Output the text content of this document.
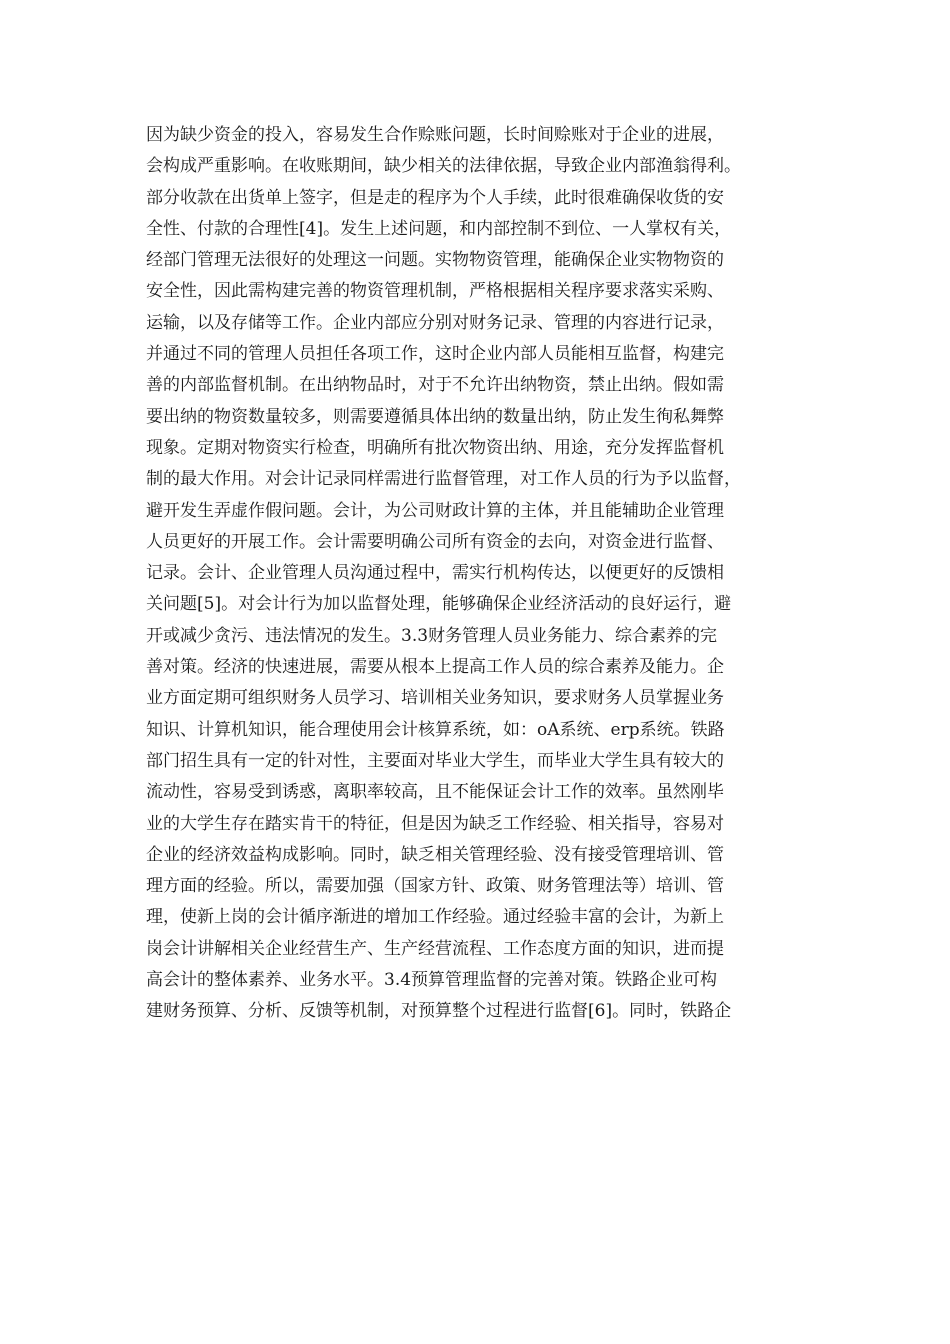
因为缺少资金的投入，容易发生合作赊账问题，长时间赊账对于企业的进展，
会构成严重影响。在收账期间，缺少相关的法律依据，导致企业内部渔翁得利。
部分收款在出货单上签字，但是走的程序为个人手续，此时很难确保收货的安
全性、付款的合理性[4]。发生上述问题，和内部控制不到位、一人掌权有关，
经部门管理无法很好的处理这一问题。实物物资管理，能确保企业实物物资的
安全性，因此需构建完善的物资管理机制，严格根据相关程序要求落实采购、
运输，以及存储等工作。企业内部应分别对财务记录、管理的内容进行记录，
并通过不同的管理人员担任各项工作，这时企业内部人员能相互监督，构建完
善的内部监督机制。在出纳物品时，对于不允许出纳物资，禁止出纳。假如需
要出纳的物资数量较多，则需要遵循具体出纳的数量出纳，防止发生徇私舞弊
现象。定期对物资实行检查，明确所有批次物资出纳、用途，充分发挥监督机
制的最大作用。对会计记录同样需进行监督管理，对工作人员的行为予以监督，
避开发生弄虚作假问题。会计，为公司财政计算的主体，并且能辅助企业管理
人员更好的开展工作。会计需要明确公司所有资金的去向，对资金进行监督、
记录。会计、企业管理人员沟通过程中，需实行机构传达，以便更好的反馈相
关问题[5]。对会计行为加以监督处理，能够确保企业经济活动的良好运行，避
开或减少贪污、违法情况的发生。3.3财务管理人员业务能力、综合素养的完
善对策。经济的快速进展，需要从根本上提高工作人员的综合素养及能力。企
业方面定期可组织财务人员学习、培训相关业务知识，要求财务人员掌握业务
知识、计算机知识，能合理使用会计核算系统，如：oA系统、erp系统。铁路
部门招生具有一定的针对性，主要面对毕业大学生，而毕业大学生具有较大的
流动性，容易受到诱惑，离职率较高，且不能保证会计工作的效率。虽然刚毕
业的大学生存在踏实肯干的特征，但是因为缺乏工作经验、相关指导，容易对
企业的经济效益构成影响。同时，缺乏相关管理经验、没有接受管理培训、管
理方面的经验。所以，需要加强（国家方针、政策、财务管理法等）培训、管
理，使新上岗的会计循序渐进的增加工作经验。通过经验丰富的会计，为新上
岗会计讲解相关企业经营生产、生产经营流程、工作态度方面的知识，进而提
高会计的整体素养、业务水平。3.4预算管理监督的完善对策。铁路企业可构
建财务预算、分析、反馈等机制，对预算整个过程进行监督[6]。同时，铁路企
